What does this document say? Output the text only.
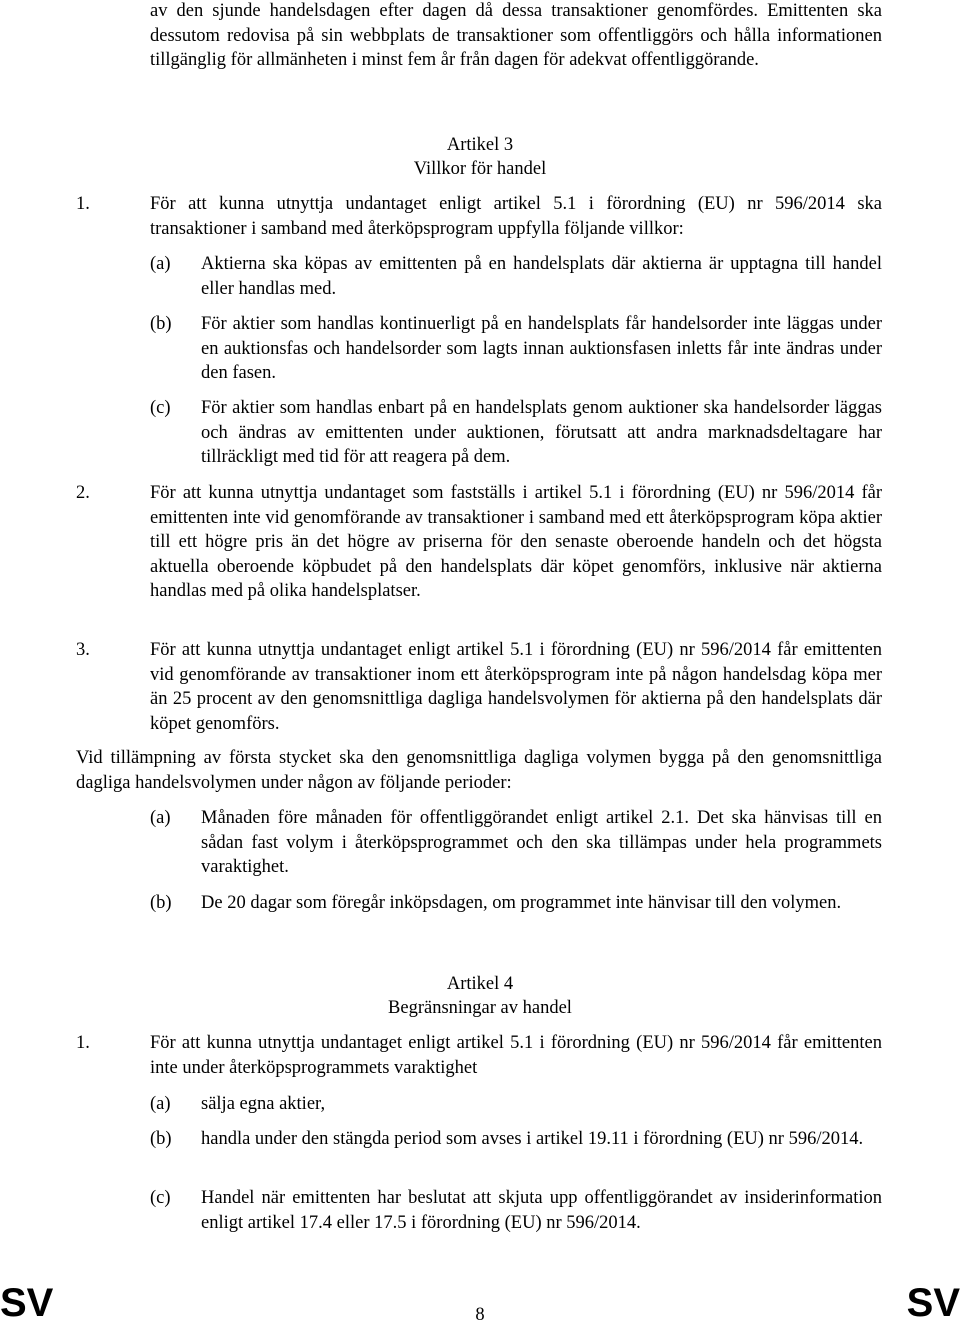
av den sjunde handelsdagen efter dagen då dessa transaktioner genomfördes. Emittenten ska dessutom redovisa på sin webbplats de transaktioner som offentliggörs och hålla informationen tillgänglig för allmänheten i minst fem år från dagen för adekvat offentliggörande.

Artikel 3
Villkor för handel
1.	För att kunna utnyttja undantaget enligt artikel 5.1 i förordning (EU) nr 596/2014 ska transaktioner i samband med återköpsprogram uppfylla följande villkor:

(a) Aktierna ska köpas av emittenten på en handelsplats där aktierna är upptagna till handel eller handlas med.

(b) För aktier som handlas kontinuerligt på en handelsplats får handelsorder inte läggas under en auktionsfas och handelsorder som lagts innan auktionsfasen inletts får inte ändras under den fasen.

(c) För aktier som handlas enbart på en handelsplats genom auktioner ska handelsorder läggas och ändras av emittenten under auktionen, förutsatt att andra marknadsdeltagare har tillräckligt med tid för att reagera på dem.

2.	För att kunna utnyttja undantaget som fastställs i artikel 5.1 i förordning (EU) nr 596/2014 får emittenten inte vid genomförande av transaktioner i samband med ett återköpsprogram köpa aktier till ett högre pris än det högre av priserna för den senaste oberoende handeln och det högsta aktuella oberoende köpbudet på den handelsplats där köpet genomförs, inklusive när aktierna handlas med på olika handelsplatser.

3.	För att kunna utnyttja undantaget enligt artikel 5.1 i förordning (EU) nr 596/2014 får emittenten vid genomförande av transaktioner inom ett återköpsprogram inte på någon handelsdag köpa mer än 25 procent av den genomsnittliga dagliga handelsvolymen för aktierna på den handelsplats där köpet genomförs.

Vid tillämpning av första stycket ska den genomsnittliga dagliga volymen bygga på den genomsnittliga dagliga handelsvolymen under någon av följande perioder:

(a) Månaden före månaden för offentliggörandet enligt artikel 2.1. Det ska hänvisas till en sådan fast volym i återköpsprogrammet och den ska tillämpas under hela programmets varaktighet.

(b) De 20 dagar som föregår inköpsdagen, om programmet inte hänvisar till den volymen.

Artikel 4
Begränsningar av handel
1.	För att kunna utnyttja undantaget enligt artikel 5.1 i förordning (EU) nr 596/2014 får emittenten inte under återköpsprogrammets varaktighet

(a) sälja egna aktier,

(b) handla under den stängda period som avses i artikel 19.11 i förordning (EU) nr 596/2014.

(c) Handel när emittenten har beslutat att skjuta upp offentliggörandet av insiderinformation enligt artikel 17.4 eller 17.5 i förordning (EU) nr 596/2014.

SV	8	SV
